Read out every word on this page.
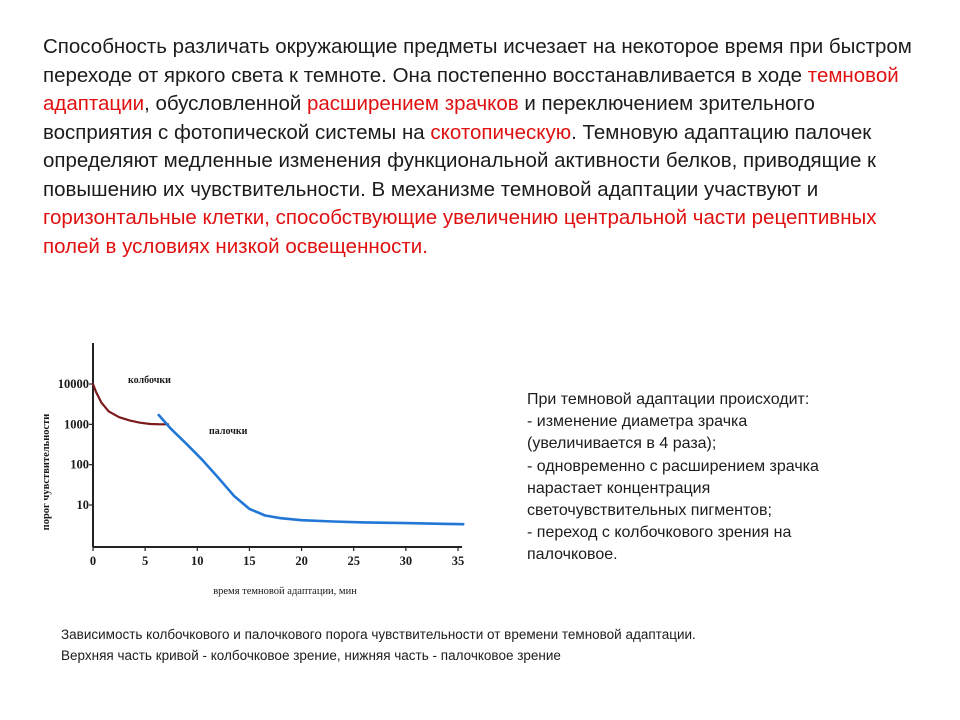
Способность различать окружающие предметы исчезает на некоторое время при быстром переходе от яркого света к темноте. Она постепенно восстанавливается в ходе темновой адаптации, обусловленной расширением зрачков и переключением зрительного восприятия с фотопической системы на скотопическую. Темновую адаптацию палочек определяют медленные изменения функциональной активности белков, приводящие к повышению их чувствительности. В механизме темновой адаптации участвуют и горизонтальные клетки, способствующие увеличению центральной части рецептивных полей в условиях низкой освещенности.
0	5	10	15	20	25	30	35
10000
1000
100
10
время темновой адаптации, мин
порог чувствительности
колбочки
палочки
При темновой адаптации происходит:
- изменение диаметра зрачка
(увеличивается в 4 раза);
- одновременно с расширением зрачка
нарастает концентрация
светочувствительных пигментов;
- переход с колбочкового зрения на
палочковое.
Зависимость колбочкового и палочкового порога чувствительности от времени темновой адаптации.
Верхняя часть кривой - колбочковое зрение, нижняя часть - палочковое зрение
